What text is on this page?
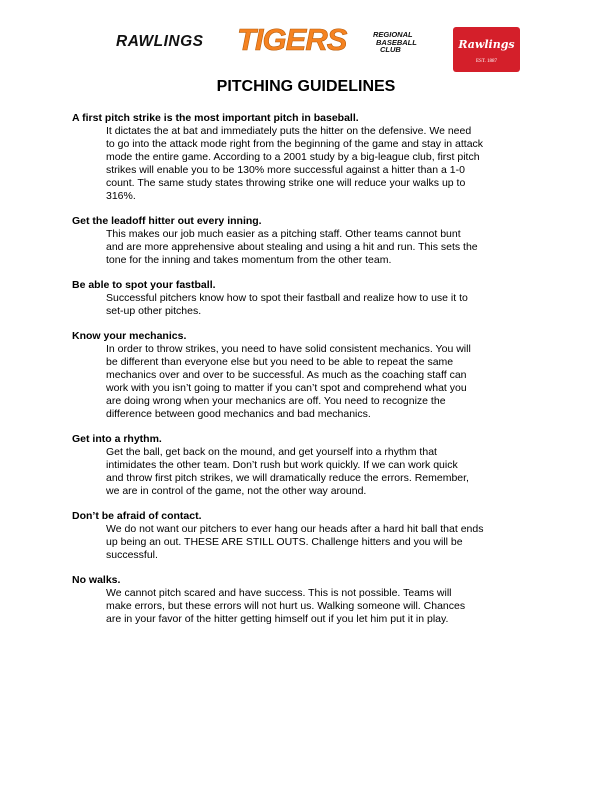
RAWLINGS TIGERS	REGIONAL
BASEBALL
CLUB	Rawlings
EST. 1887
PITCHING GUIDELINES

A first pitch strike is the most important pitch in baseball.

It dictates the at bat and immediately puts the hitter on the defensive. We need
to go into the attack mode right from the beginning of the game and stay in attack
mode the entire game. According to a 2001 study by a big-league club, first pitch
strikes will enable you to be 130% more successful against a hitter than a 1-0
count. The same study states throwing strike one will reduce your walks up to
316%.

Get the leadoff hitter out every inning.

This makes our job much easier as a pitching staff. Other teams cannot bunt
and are more apprehensive about stealing and using a hit and run. This sets the
tone for the inning and takes momentum from the other team.

Be able to spot your fastball.

Successful pitchers know how to spot their fastball and realize how to use it to
set-up other pitches.

Know your mechanics.

In order to throw strikes, you need to have solid consistent mechanics. You will
be different than everyone else but you need to be able to repeat the same
mechanics over and over to be successful. As much as the coaching staff can
work with you isn’t going to matter if you can’t spot and comprehend what you
are doing wrong when your mechanics are off. You need to recognize the
difference between good mechanics and bad mechanics.

Get into a rhythm.

Get the ball, get back on the mound, and get yourself into a rhythm that
intimidates the other team. Don’t rush but work quickly. If we can work quick
and throw first pitch strikes, we will dramatically reduce the errors. Remember,
we are in control of the game, not the other way around.

Don’t be afraid of contact.

We do not want our pitchers to ever hang our heads after a hard hit ball that ends
up being an out. THESE ARE STILL OUTS. Challenge hitters and you will be
successful.

No walks.

We cannot pitch scared and have success. This is not possible. Teams will
make errors, but these errors will not hurt us. Walking someone will. Chances
are in your favor of the hitter getting himself out if you let him put it in play.
